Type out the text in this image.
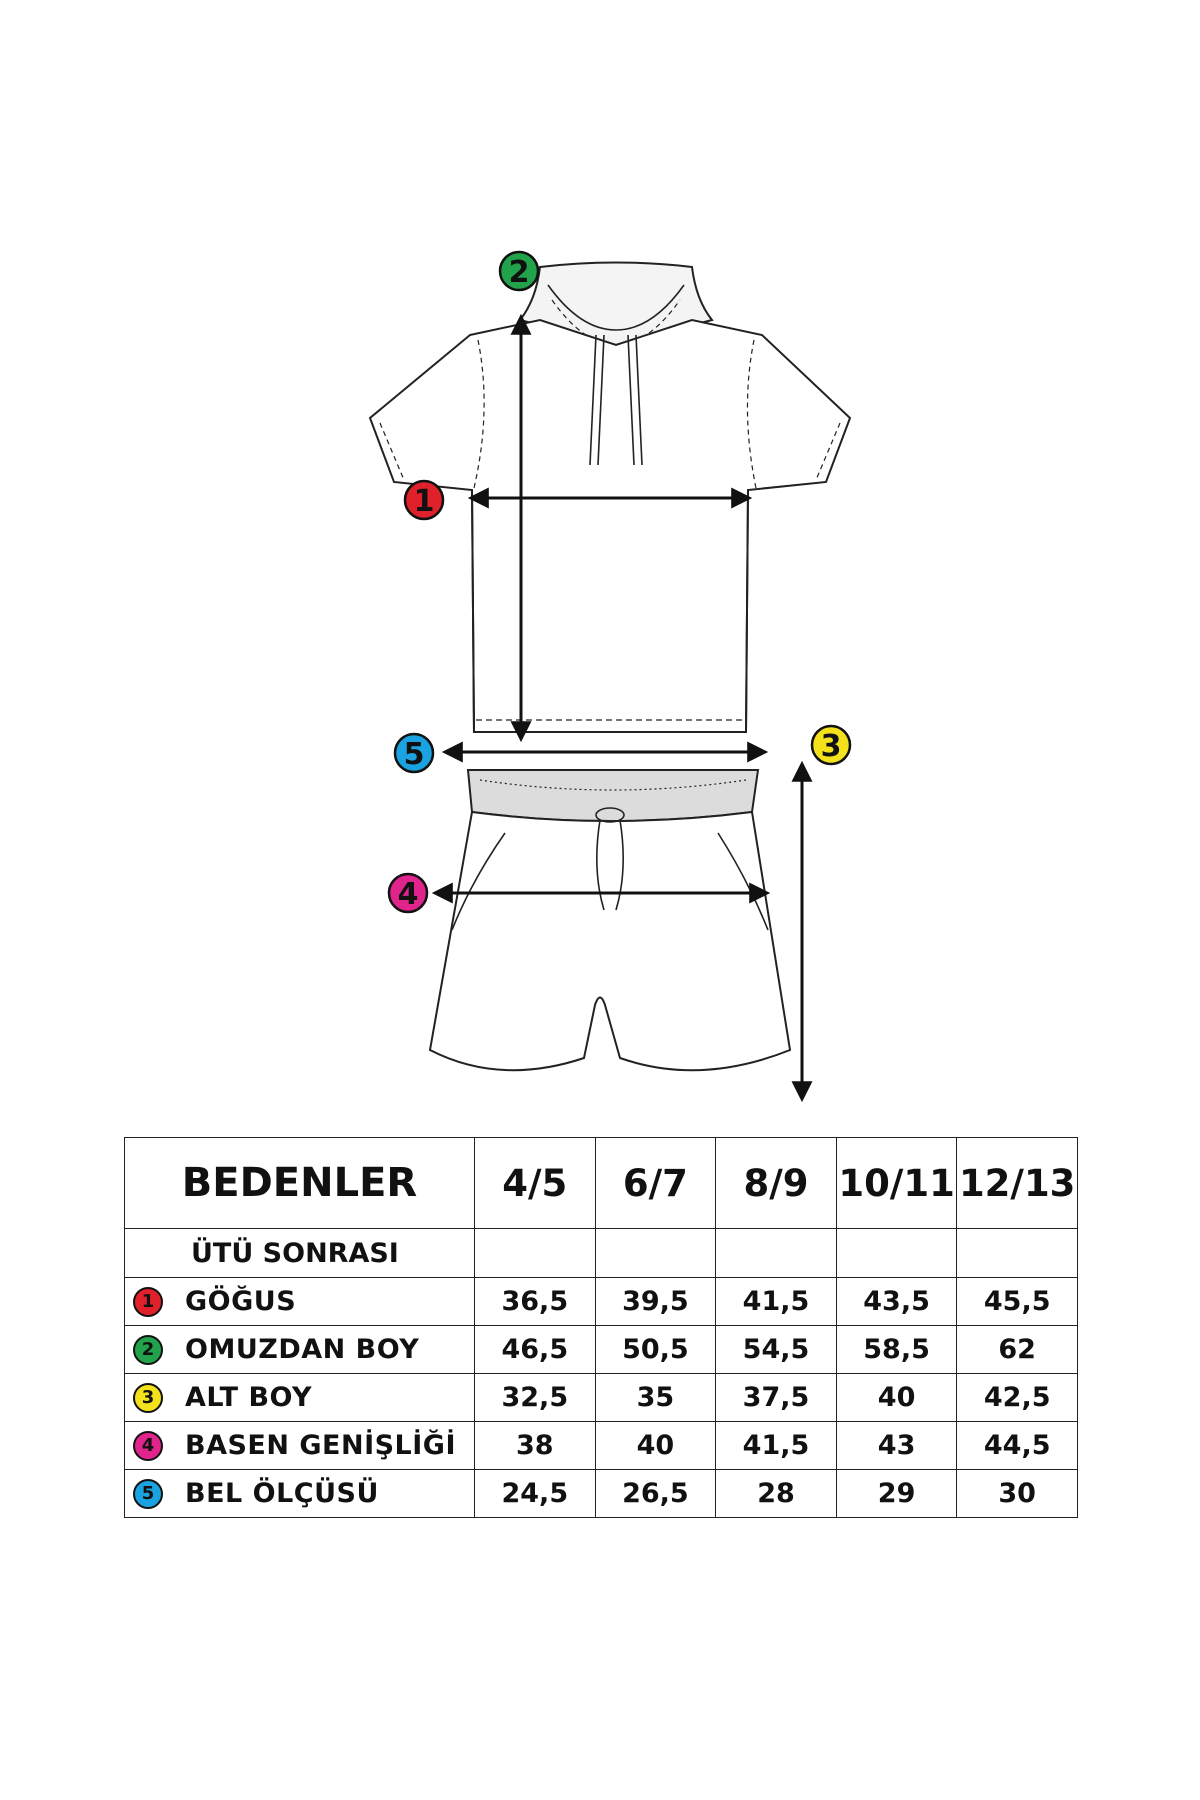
1
2
3
4
5
BEDENLER	4/5	6/7	8/9	10/11	12/13
ÜTÜ SONRASI					

1 GÖĞUS	36,5	39,5	41,5	43,5	45,5

2 OMUZDAN BOY	46,5	50,5	54,5	58,5	62

3 ALT BOY	32,5	35	37,5	40	42,5

4 BASEN GENİŞLİĞİ	38	40	41,5	43	44,5

5 BEL ÖLÇÜSÜ	24,5	26,5	28	29	30
